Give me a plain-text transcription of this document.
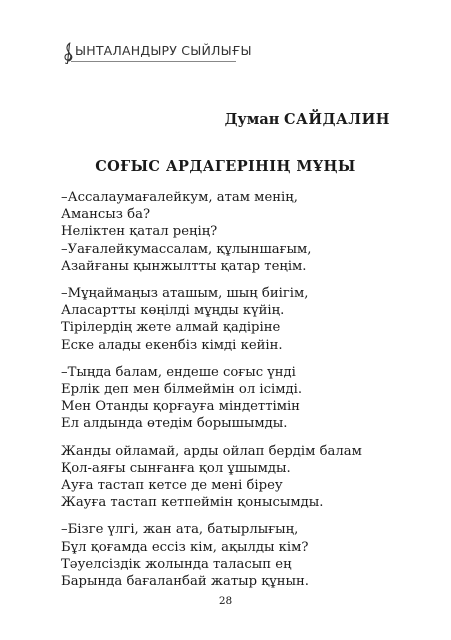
ЫНТАЛАНДЫРУ СЫЙЛЫҒЫ
Думан САЙДАЛИН
СОҒЫС АРДАГЕРІНІҢ МҰҢЫ
–Ассалаумағалейкум, атам менің,
Амансыз ба?
Неліктен қатал реңің?
–Уағалейкумассалам, құлыншағым,
Азайғаны қынжылтты қатар теңім.
–Мұңаймаңыз аташым, шың биігім,
Аласартты көңілді мұңды күйің.
Тірілердің жете алмай қадіріне
Еске алады екенбіз кімді кейін.
–Тыңда балам, ендеше соғыс үнді
Ерлік деп мен білмеймін ол ісімді.
Мен Отанды қорғауға міндеттімін
Ел алдында өтедім борышымды.
Жанды ойламай, арды ойлап бердім балам
Қол-аяғы сынғанға қол ұшымды.
Ауға тастап кетсе де мені біреу
Жауға тастап кетпеймін қонысымды.
–Бізге үлгі, жан ата, батырлығың,
Бұл қоғамда ессіз кім, ақылды кім?
Тәуелсіздік жолында таласып ең
Барында бағаланбай жатыр құнын.
28
